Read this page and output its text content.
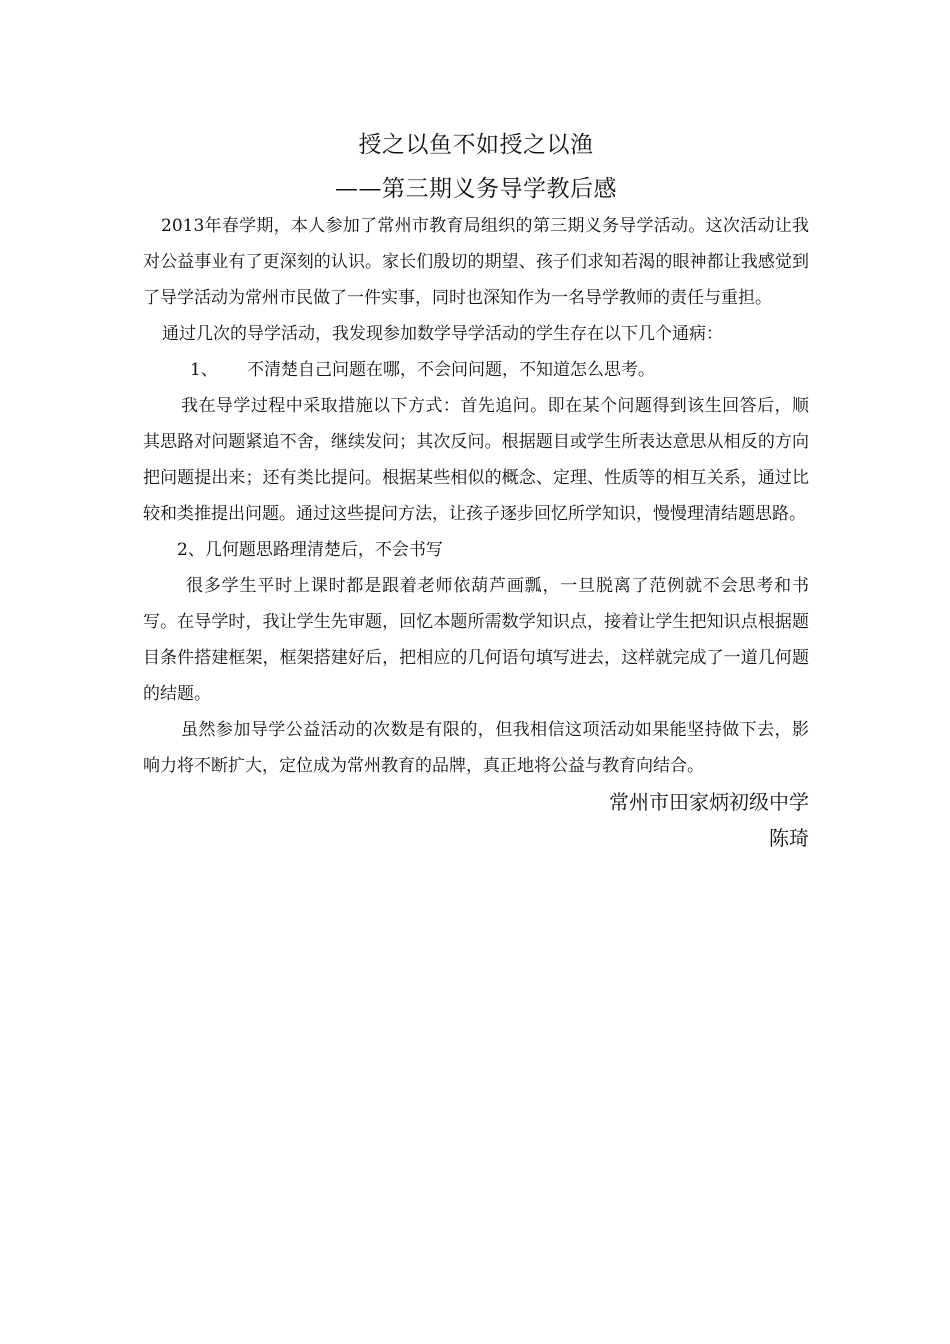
授之以鱼不如授之以渔
——第三期义务导学教后感

2013年春学期，本人参加了常州市教育局组织的第三期义务导学活动。这次活动让我对公益事业有了更深刻的认识。家长们殷切的期望、孩子们求知若渴的眼神都让我感觉到了导学活动为常州市民做了一件实事，同时也深知作为一名导学教师的责任与重担。

通过几次的导学活动，我发现参加数学导学活动的学生存在以下几个通病：

1、 不清楚自己问题在哪，不会问问题，不知道怎么思考。

我在导学过程中采取措施以下方式：首先追问。即在某个问题得到该生回答后，顺其思路对问题紧追不舍，继续发问；其次反问。根据题目或学生所表达意思从相反的方向把问题提出来；还有类比提问。根据某些相似的概念、定理、性质等的相互关系，通过比较和类推提出问题。通过这些提问方法，让孩子逐步回忆所学知识，慢慢理清结题思路。

2、几何题思路理清楚后，不会书写

很多学生平时上课时都是跟着老师依葫芦画瓢，一旦脱离了范例就不会思考和书写。在导学时，我让学生先审题，回忆本题所需数学知识点，接着让学生把知识点根据题目条件搭建框架，框架搭建好后，把相应的几何语句填写进去，这样就完成了一道几何题的结题。

虽然参加导学公益活动的次数是有限的，但我相信这项活动如果能坚持做下去，影响力将不断扩大，定位成为常州教育的品牌，真正地将公益与教育向结合。

常州市田家炳初级中学

陈琦
